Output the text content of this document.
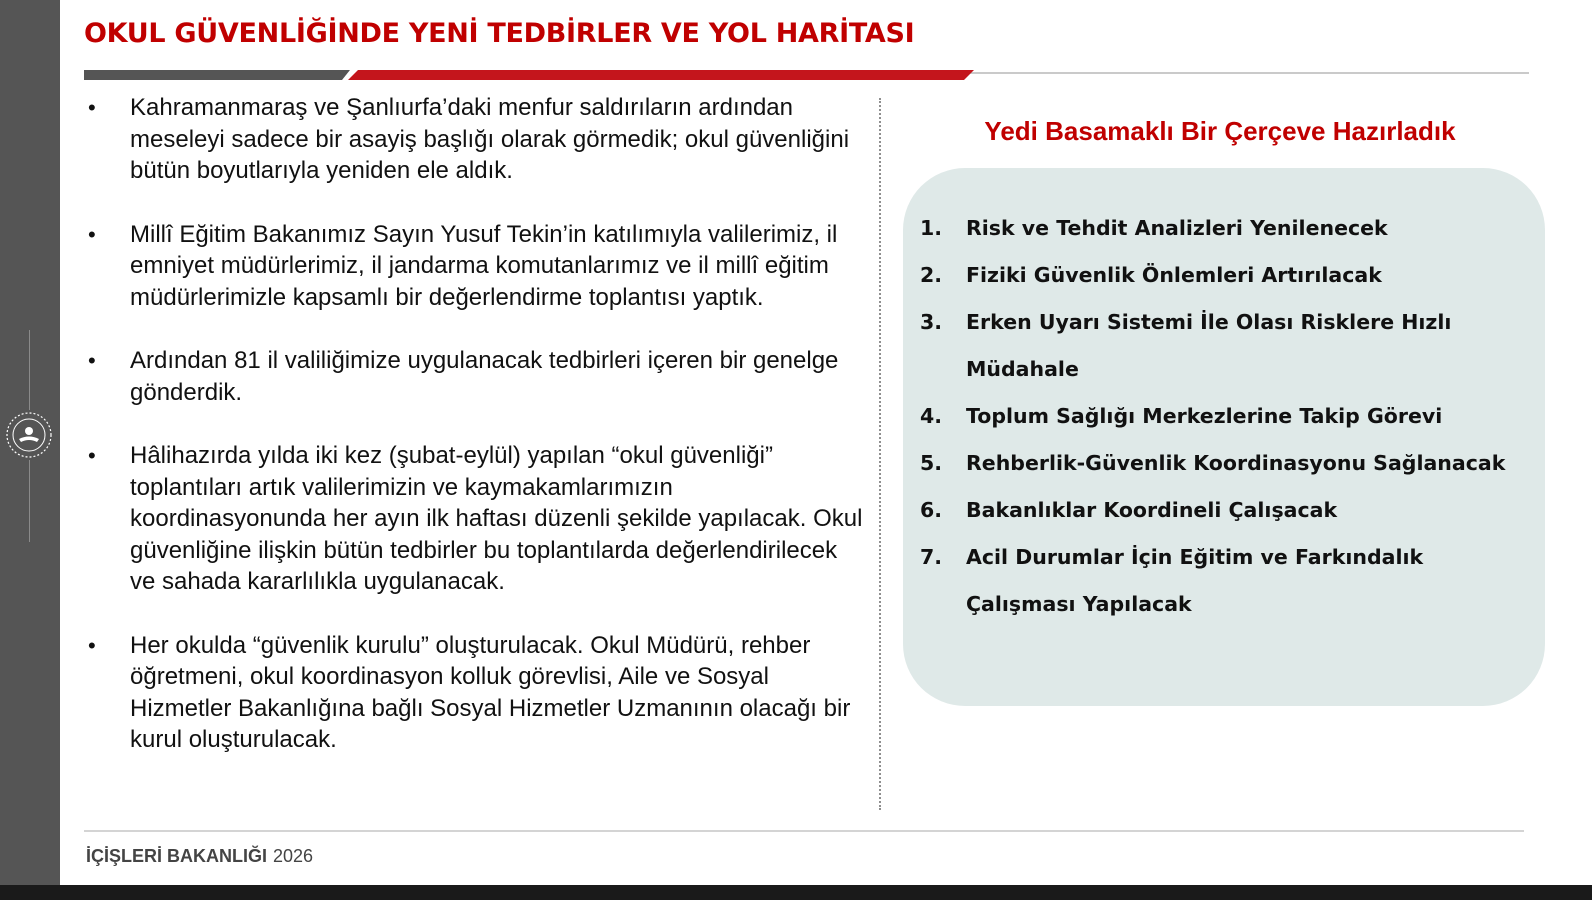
OKUL GÜVENLİĞİNDE YENİ TEDBİRLER VE YOL HARİTASI
• Kahramanmaraş ve Şanlıurfa’daki menfur saldırıların ardından meseleyi sadece bir asayiş başlığı olarak görmedik; okul güvenliğini bütün boyutlarıyla yeniden ele aldık.
• Millî Eğitim Bakanımız Sayın Yusuf Tekin’in katılımıyla valilerimiz, il emniyet müdürlerimiz, il jandarma komutanlarımız ve il millî eğitim müdürlerimizle kapsamlı bir değerlendirme toplantısı yaptık.
• Ardından 81 il valiliğimize uygulanacak tedbirleri içeren bir genelge gönderdik.
• Hâlihazırda yılda iki kez (şubat-eylül) yapılan “okul güvenliği” toplantıları artık valilerimizin ve kaymakamlarımızın koordinasyonunda her ayın ilk haftası düzenli şekilde yapılacak. Okul güvenliğine ilişkin bütün tedbirler bu toplantılarda değerlendirilecek ve sahada kararlılıkla uygulanacak.
• Her okulda “güvenlik kurulu” oluşturulacak. Okul Müdürü, rehber öğretmeni, okul koordinasyon kolluk görevlisi, Aile ve Sosyal Hizmetler Bakanlığına bağlı Sosyal Hizmetler Uzmanının olacağı bir kurul oluşturulacak.
Yedi Basamaklı Bir Çerçeve Hazırladık
1. Risk ve Tehdit Analizleri Yenilenecek
2. Fiziki Güvenlik Önlemleri Artırılacak
3. Erken Uyarı Sistemi İle Olası Risklere Hızlı Müdahale
4. Toplum Sağlığı Merkezlerine Takip Görevi
5. Rehberlik-Güvenlik Koordinasyonu Sağlanacak
6. Bakanlıklar Koordineli Çalışacak
7. Acil Durumlar İçin Eğitim ve Farkındalık Çalışması Yapılacak
İÇİŞLERİ BAKANLIĞI 2026
